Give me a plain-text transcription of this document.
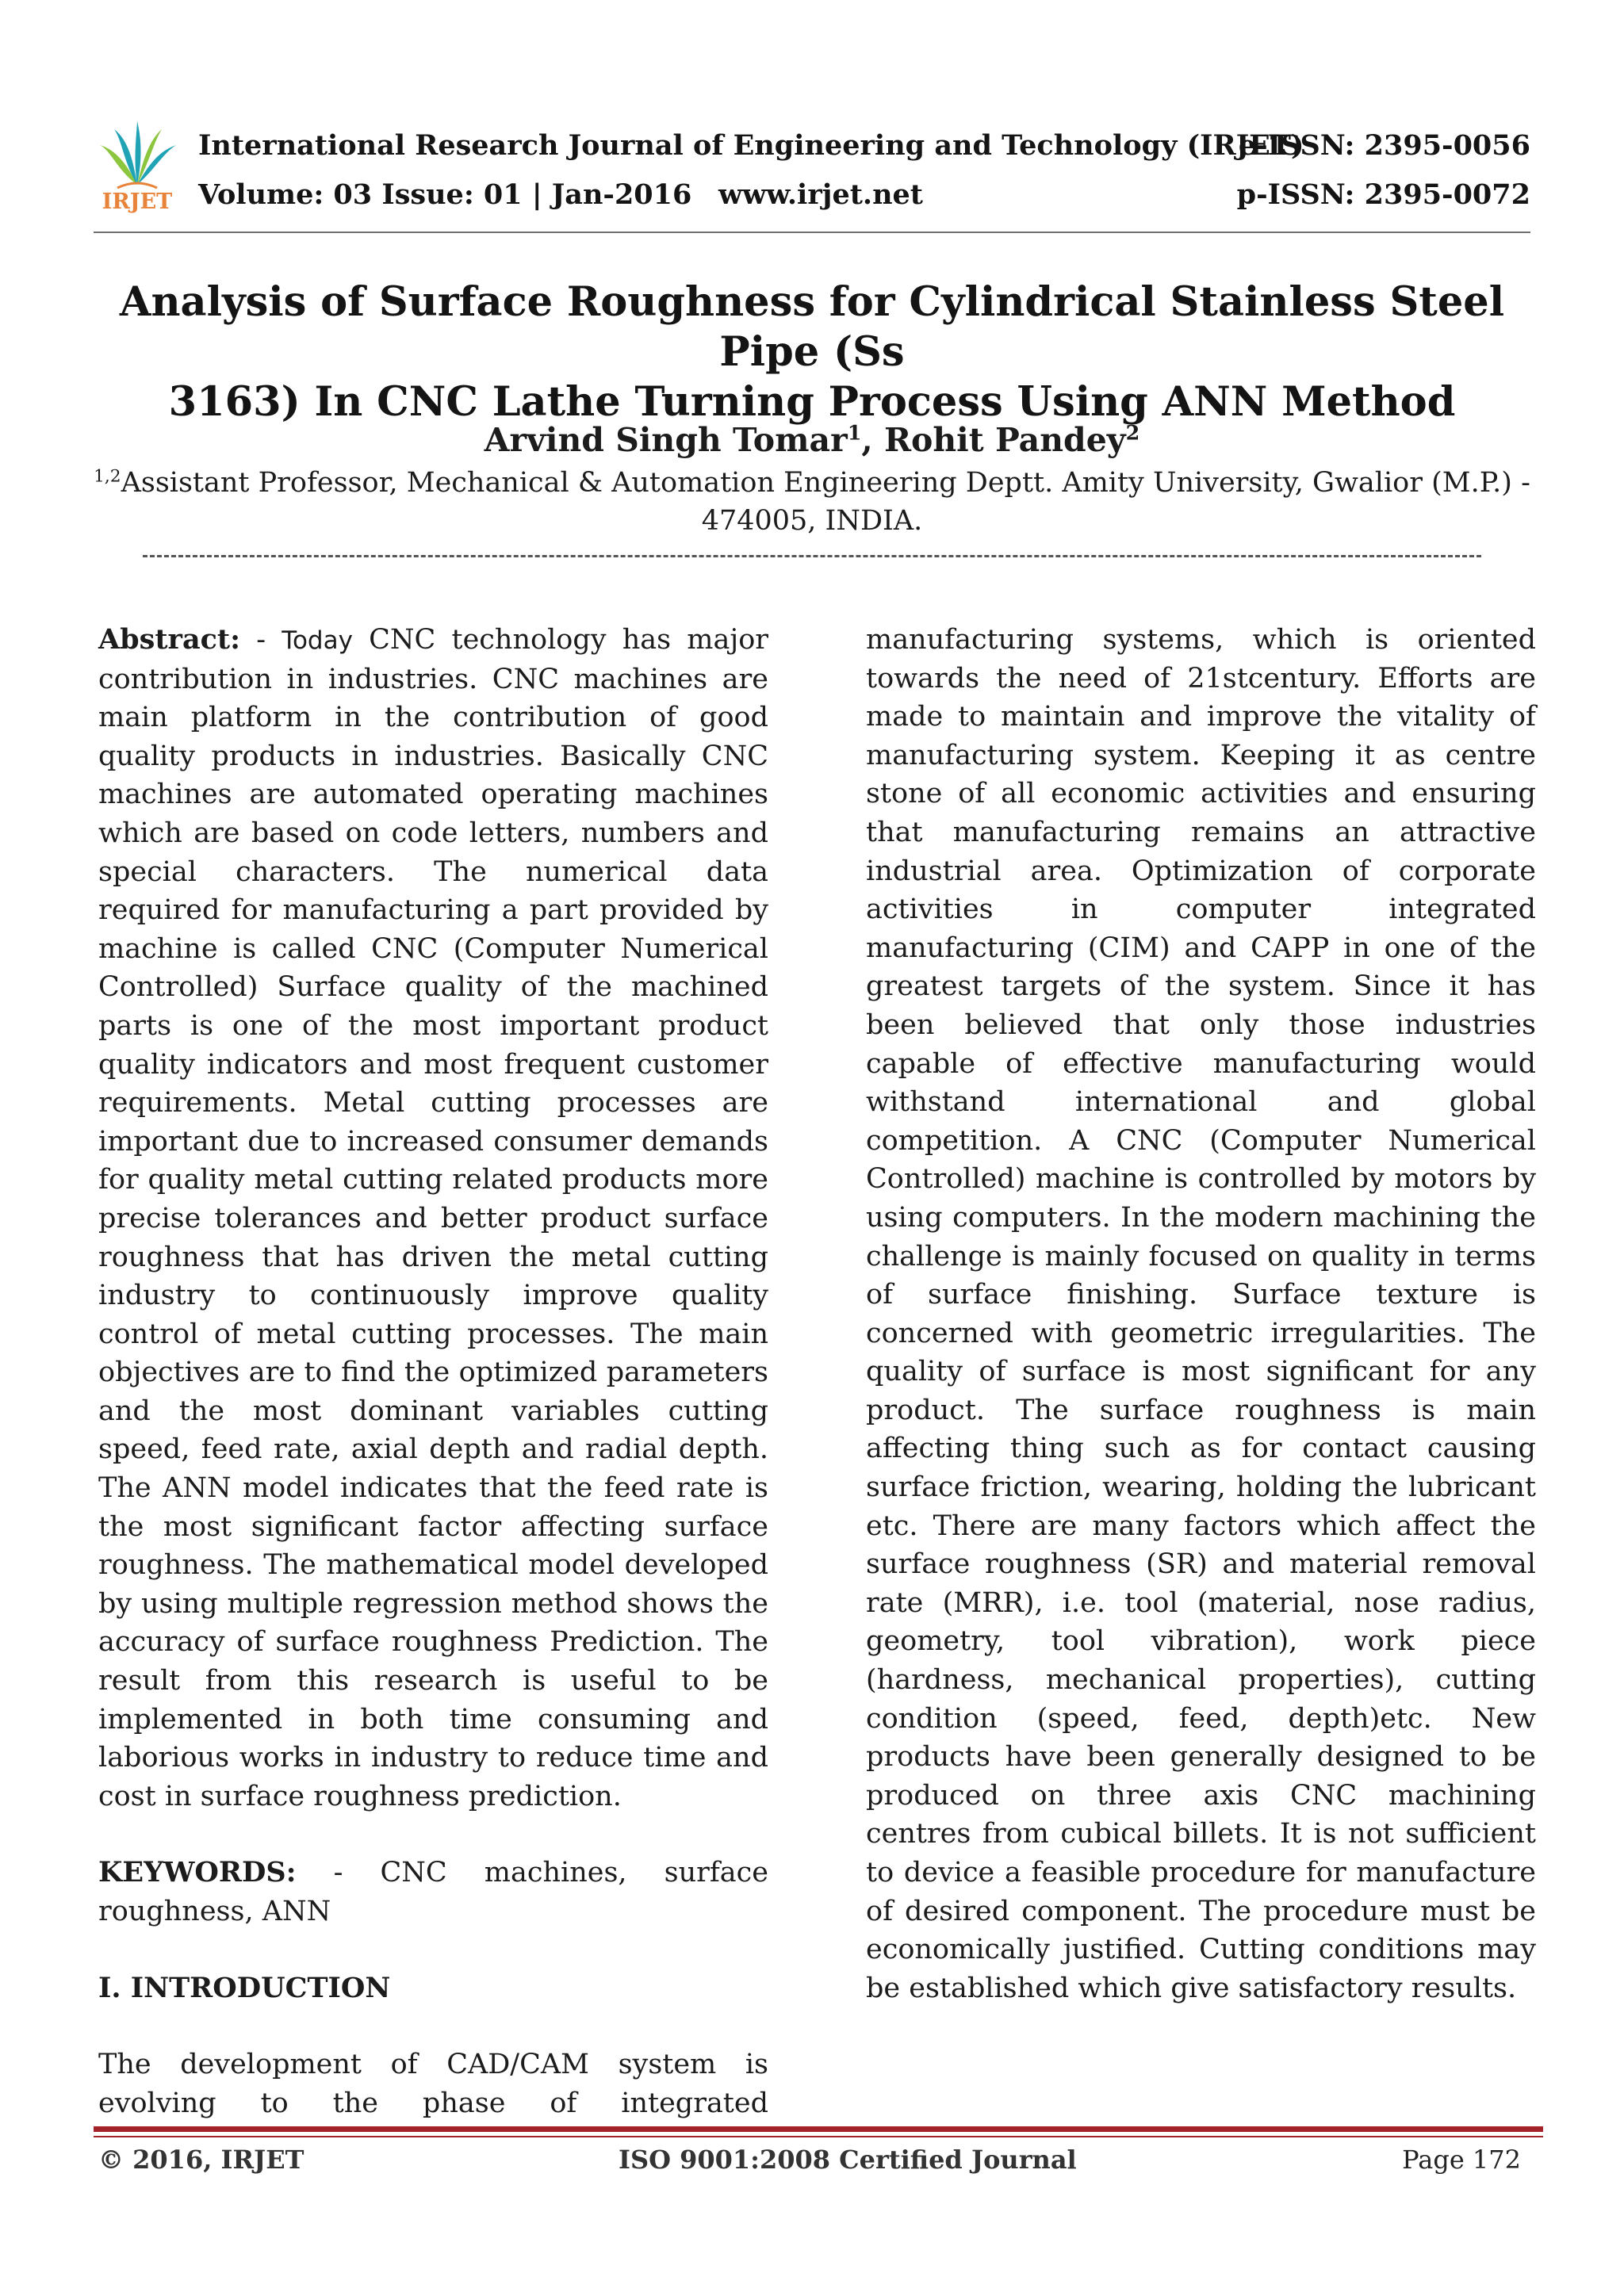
IRJET
International Research Journal of Engineering and Technology (IRJET)
e-ISSN: 2395-0056
Volume: 03 Issue: 01 | Jan-2016 www.irjet.net	p-ISSN: 2395-0072
Analysis of Surface Roughness for Cylindrical Stainless Steel Pipe (Ss
3163) In CNC Lathe Turning Process Using ANN Method
Arvind Singh Tomar$^1$, Rohit Pandey$^2$
$^{1,2}$Assistant Professor, Mechanical & Automation Engineering Deptt. Amity University, Gwalior (M.P.) - 474005, INDIA.

Abstract: - Today CNC technology has major contribution in industries. CNC machines are main platform in the contribution of good quality products in industries. Basically CNC machines are automated operating machines which are based on code letters, numbers and special characters. The numerical data required for manufacturing a part provided by machine is called CNC (Computer Numerical Controlled) Surface quality of the machined parts is one of the most important product quality indicators and most frequent customer requirements. Metal cutting processes are important due to increased consumer demands for quality metal cutting related products more precise tolerances and better product surface roughness that has driven the metal cutting industry to continuously improve quality control of metal cutting processes. The main objectives are to find the optimized parameters and the most dominant variables cutting speed, feed rate, axial depth and radial depth. The ANN model indicates that the feed rate is the most significant factor affecting surface roughness. The mathematical model developed by using multiple regression method shows the accuracy of surface roughness Prediction. The result from this research is useful to be implemented in both time consuming and laborious works in industry to reduce time and cost in surface roughness prediction.

KEYWORDS: - CNC machines, surface roughness, ANN

I. INTRODUCTION

The development of CAD/CAM system is evolving to the phase of integrated

manufacturing systems, which is oriented towards the need of 21stcentury. Efforts are made to maintain and improve the vitality of manufacturing system. Keeping it as centre stone of all economic activities and ensuring that manufacturing remains an attractive industrial area. Optimization of corporate activities in computer integrated manufacturing (CIM) and CAPP in one of the greatest targets of the system. Since it has been believed that only those industries capable of effective manufacturing would withstand international and global competition. A CNC (Computer Numerical Controlled) machine is controlled by motors by using computers. In the modern machining the challenge is mainly focused on quality in terms of surface finishing. Surface texture is concerned with geometric irregularities. The quality of surface is most significant for any product. The surface roughness is main affecting thing such as for contact causing surface friction, wearing, holding the lubricant etc. There are many factors which affect the surface roughness (SR) and material removal rate (MRR), i.e. tool (material, nose radius, geometry, tool vibration), work piece (hardness, mechanical properties), cutting condition (speed, feed, depth)etc. New products have been generally designed to be produced on three axis CNC machining centres from cubical billets. It is not sufficient to device a feasible procedure for manufacture of desired component. The procedure must be economically justified. Cutting conditions may be established which give satisfactory results.

© 2016, IRJET	ISO 9001:2008 Certified Journal	Page 172
